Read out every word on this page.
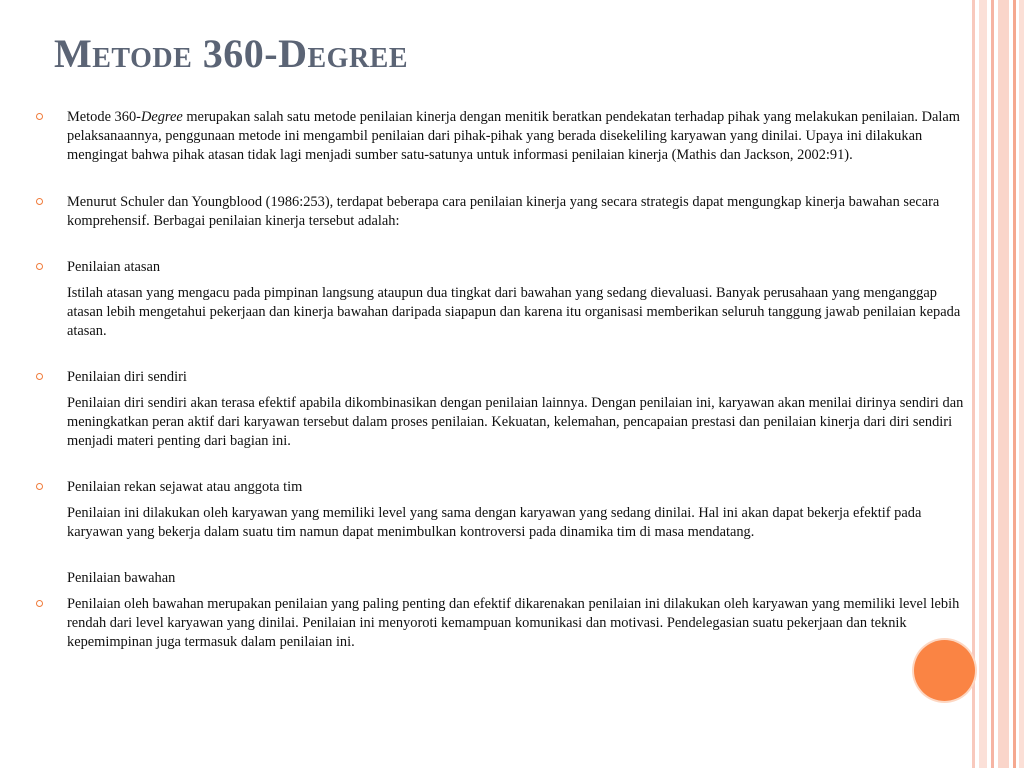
Metode 360-Degree
Metode 360-Degree merupakan salah satu metode penilaian kinerja dengan menitik beratkan pendekatan terhadap pihak yang melakukan penilaian. Dalam pelaksanaannya, penggunaan metode ini mengambil penilaian dari pihak-pihak yang berada disekeliling karyawan yang dinilai. Upaya ini dilakukan mengingat bahwa pihak atasan tidak lagi menjadi sumber satu-satunya untuk informasi penilaian kinerja (Mathis dan Jackson, 2002:91).
Menurut Schuler dan Youngblood (1986:253), terdapat beberapa cara penilaian kinerja yang secara strategis dapat mengungkap kinerja bawahan secara komprehensif. Berbagai penilaian kinerja tersebut adalah:
Penilaian atasan
Istilah atasan yang mengacu pada pimpinan langsung ataupun dua tingkat dari bawahan yang sedang dievaluasi. Banyak perusahaan yang menganggap atasan lebih mengetahui pekerjaan dan kinerja bawahan daripada siapapun dan karena itu organisasi memberikan seluruh tanggung jawab penilaian kepada atasan.
Penilaian diri sendiri
Penilaian diri sendiri akan terasa efektif apabila dikombinasikan dengan penilaian lainnya. Dengan penilaian ini, karyawan akan menilai dirinya sendiri dan meningkatkan peran aktif dari karyawan tersebut dalam proses penilaian. Kekuatan, kelemahan, pencapaian prestasi dan penilaian kinerja dari diri sendiri menjadi materi penting dari bagian ini.
Penilaian rekan sejawat atau anggota tim
Penilaian ini dilakukan oleh karyawan yang memiliki level yang sama dengan karyawan yang sedang dinilai. Hal ini akan dapat bekerja efektif pada karyawan yang bekerja dalam suatu tim namun dapat menimbulkan kontroversi pada dinamika tim di masa mendatang.
Penilaian bawahan
Penilaian oleh bawahan merupakan penilaian yang paling penting dan efektif dikarenakan penilaian ini dilakukan oleh karyawan yang memiliki level lebih rendah dari level karyawan yang dinilai. Penilaian ini menyoroti kemampuan komunikasi dan motivasi. Pendelegasian suatu pekerjaan dan teknik kepemimpinan juga termasuk dalam penilaian ini.
